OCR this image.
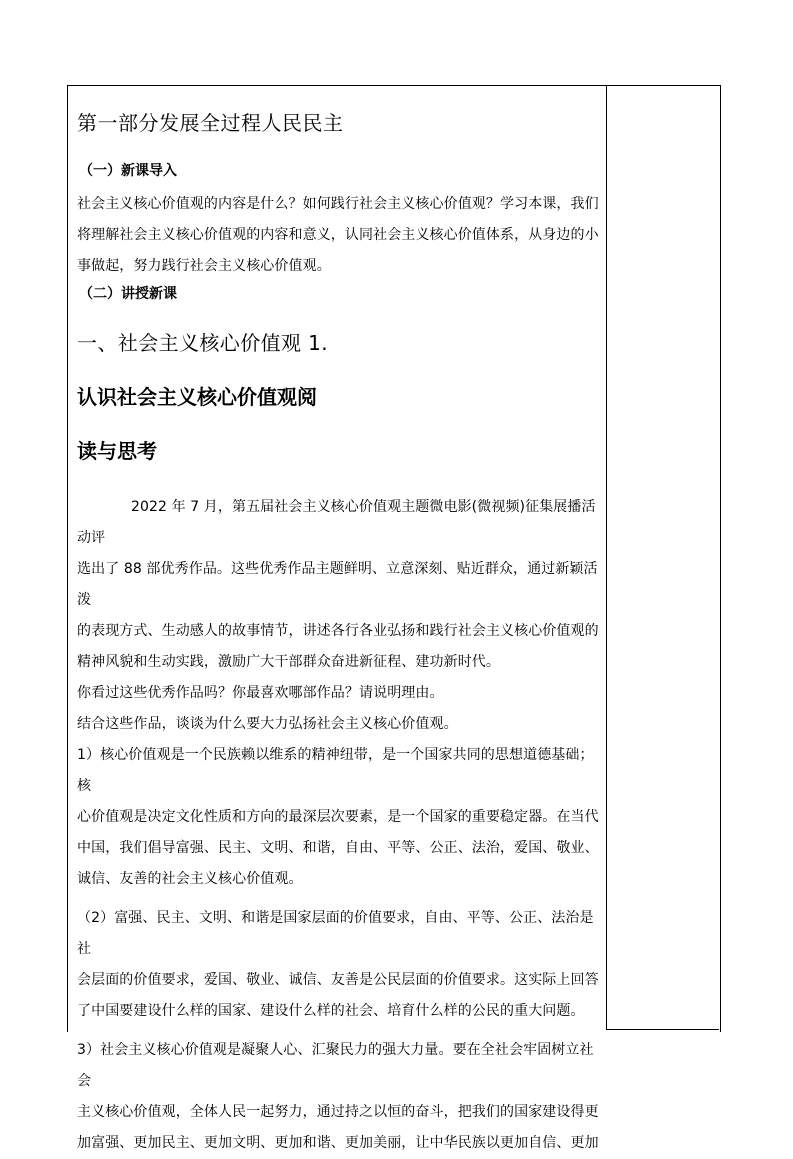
第一部分发展全过程人民民主

（一）新课导入

社会主义核心价值观的内容是什么？如何践行社会主义核心价值观？学习本课，我们

将理解社会主义核心价值观的内容和意义，认同社会主义核心价值体系，从身边的小

事做起，努力践行社会主义核心价值观。

（二）讲授新课

一、社会主义核心价值观 1.

认识社会主义核心价值观阅

读与思考

2022 年 7 月，第五届社会主义核心价值观主题微电影(微视频)征集展播活动评

选出了 88 部优秀作品。这些优秀作品主题鲜明、立意深刻、贴近群众，通过新颖活泼

的表现方式、生动感人的故事情节，讲述各行各业弘扬和践行社会主义核心价值观的

精神风貌和生动实践，激励广大干部群众奋进新征程、建功新时代。

你看过这些优秀作品吗？你最喜欢哪部作品？请说明理由。

结合这些作品，谈谈为什么要大力弘扬社会主义核心价值观。

1）核心价值观是一个民族赖以维系的精神纽带，是一个国家共同的思想道德基础；核

心价值观是决定文化性质和方向的最深层次要素，是一个国家的重要稳定器。在当代

中国，我们倡导富强、民主、文明、和谐，自由、平等、公正、法治，爱国、敬业、

诚信、友善的社会主义核心价值观。

（2）富强、民主、文明、和谐是国家层面的价值要求，自由、平等、公正、法治是社

会层面的价值要求，爱国、敬业、诚信、友善是公民层面的价值要求。这实际上回答

了中国要建设什么样的国家、建设什么样的社会、培育什么样的公民的重大问题。

3）社会主义核心价值观是凝聚人心、汇聚民力的强大力量。要在全社会牢固树立社会

主义核心价值观，全体人民一起努力，通过持之以恒的奋斗，把我们的国家建设得更

加富强、更加民主、更加文明、更加和谐、更加美丽，让中华民族以更加自信、更加
